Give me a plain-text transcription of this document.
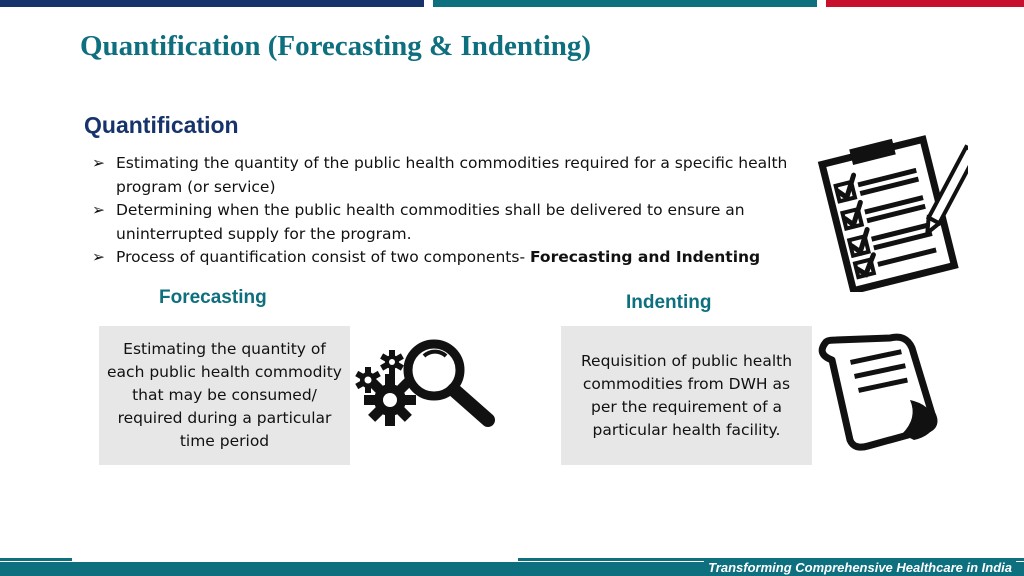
Quantification (Forecasting & Indenting)
Quantification
➢ Estimating the quantity of the public health commodities required for a specific health program (or service)
➢ Determining when the public health commodities shall be delivered to ensure an uninterrupted supply for the program.
➢ Process of quantification consist of two components- Forecasting and Indenting
Forecasting	Indenting
Estimating the quantity of each public health commodity that may be consumed/ required during a particular time period
Requisition of public health commodities from DWH as per the requirement of a particular health facility.
Transforming Comprehensive Healthcare in India
